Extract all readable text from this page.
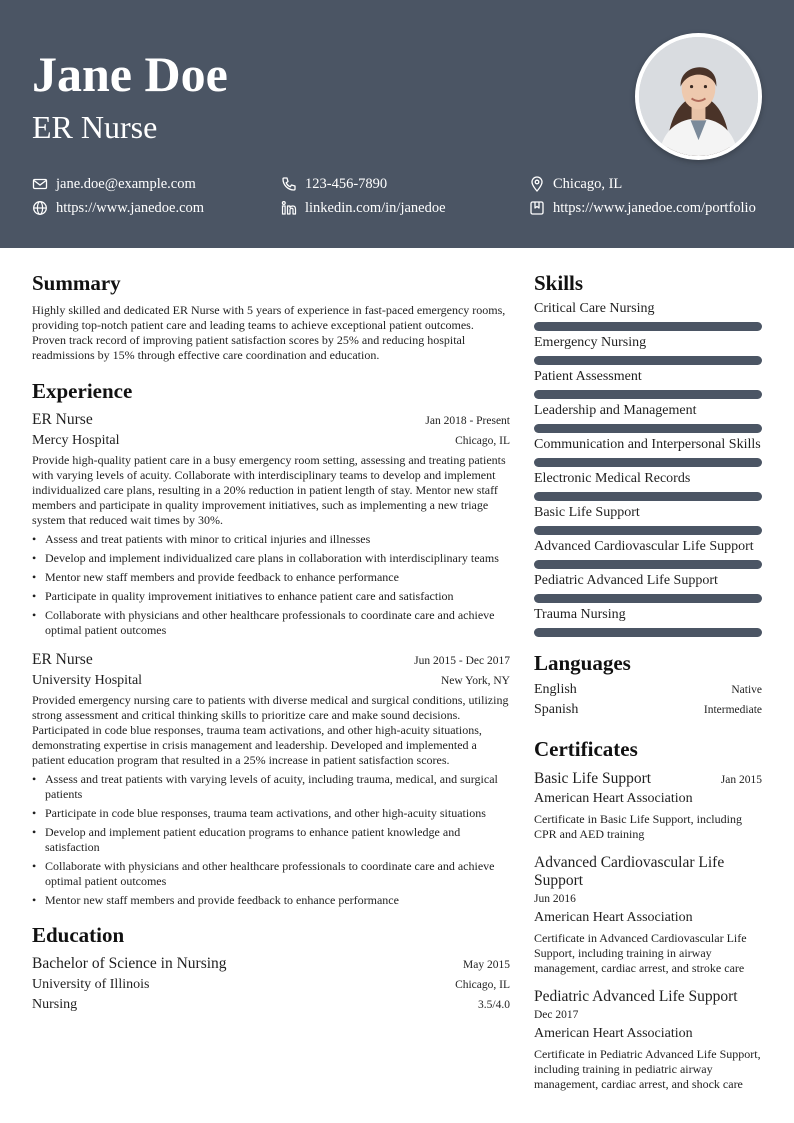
Jane Doe
ER Nurse
jane.doe@example.com	123-456-7890	Chicago, IL
https://www.janedoe.com	linkedin.com/in/janedoe	https://www.janedoe.com/portfolio
Summary

Highly skilled and dedicated ER Nurse with 5 years of experience in fast-paced emergency rooms, providing top-notch patient care and leading teams to achieve exceptional patient outcomes. Proven track record of improving patient satisfaction scores by 25% and reducing hospital readmissions by 15% through effective care coordination and education.

Experience
ER Nurse	Jan 2018 - Present
Mercy Hospital	Chicago, IL

Provide high-quality patient care in a busy emergency room setting, assessing and treating patients with varying levels of acuity. Collaborate with interdisciplinary teams to develop and implement individualized care plans, resulting in a 20% reduction in patient length of stay. Mentor new staff members and participate in quality improvement initiatives, such as implementing a new triage system that reduced wait times by 30%.

• Assess and treat patients with minor to critical injuries and illnesses
• Develop and implement individualized care plans in collaboration with interdisciplinary teams
• Mentor new staff members and provide feedback to enhance performance
• Participate in quality improvement initiatives to enhance patient care and satisfaction
• Collaborate with physicians and other healthcare professionals to coordinate care and achieve optimal patient outcomes
ER Nurse	Jun 2015 - Dec 2017
University Hospital	New York, NY

Provided emergency nursing care to patients with diverse medical and surgical conditions, utilizing strong assessment and critical thinking skills to prioritize care and make sound decisions. Participated in code blue responses, trauma team activations, and other high-acuity situations, demonstrating expertise in crisis management and leadership. Developed and implemented a patient education program that resulted in a 25% increase in patient satisfaction scores.

• Assess and treat patients with varying levels of acuity, including trauma, medical, and surgical patients
• Participate in code blue responses, trauma team activations, and other high-acuity situations
• Develop and implement patient education programs to enhance patient knowledge and satisfaction
• Collaborate with physicians and other healthcare professionals to coordinate care and achieve optimal patient outcomes
• Mentor new staff members and provide feedback to enhance performance
Education
Bachelor of Science in Nursing	May 2015
University of Illinois	Chicago, IL
Nursing	3.5/4.0
Skills
Critical Care Nursing
Emergency Nursing
Patient Assessment
Leadership and Management
Communication and Interpersonal Skills
Electronic Medical Records
Basic Life Support
Advanced Cardiovascular Life Support
Pediatric Advanced Life Support
Trauma Nursing
Languages
English	Native
Spanish	Intermediate
Certificates
Basic Life Support	Jan 2015
American Heart Association

Certificate in Basic Life Support, including CPR and AED training

Advanced Cardiovascular Life Support
Jun 2016
American Heart Association

Certificate in Advanced Cardiovascular Life Support, including training in airway management, cardiac arrest, and stroke care

Pediatric Advanced Life Support
Dec 2017
American Heart Association

Certificate in Pediatric Advanced Life Support, including training in pediatric airway management, cardiac arrest, and shock care
